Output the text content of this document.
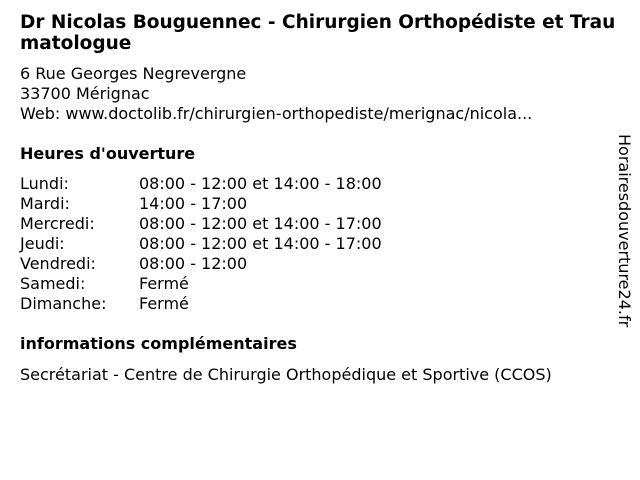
Dr Nicolas Bouguennec - Chirurgien Orthopédiste et Traumatologue
6 Rue Georges Negrevergne
33700 Mérignac
Web: www.doctolib.fr/chirurgien-orthopediste/merignac/nicola...
Heures d'ouverture
Lundi:	08:00 - 12:00 et 14:00 - 18:00
Mardi:	14:00 - 17:00
Mercredi:	08:00 - 12:00 et 14:00 - 17:00
Jeudi:	08:00 - 12:00 et 14:00 - 17:00
Vendredi:	08:00 - 12:00
Samedi:	Fermé
Dimanche: Fermé
informations complémentaires
Secrétariat - Centre de Chirurgie Orthopédique et Sportive (CCOS)
Horairesdouverture24.fr
